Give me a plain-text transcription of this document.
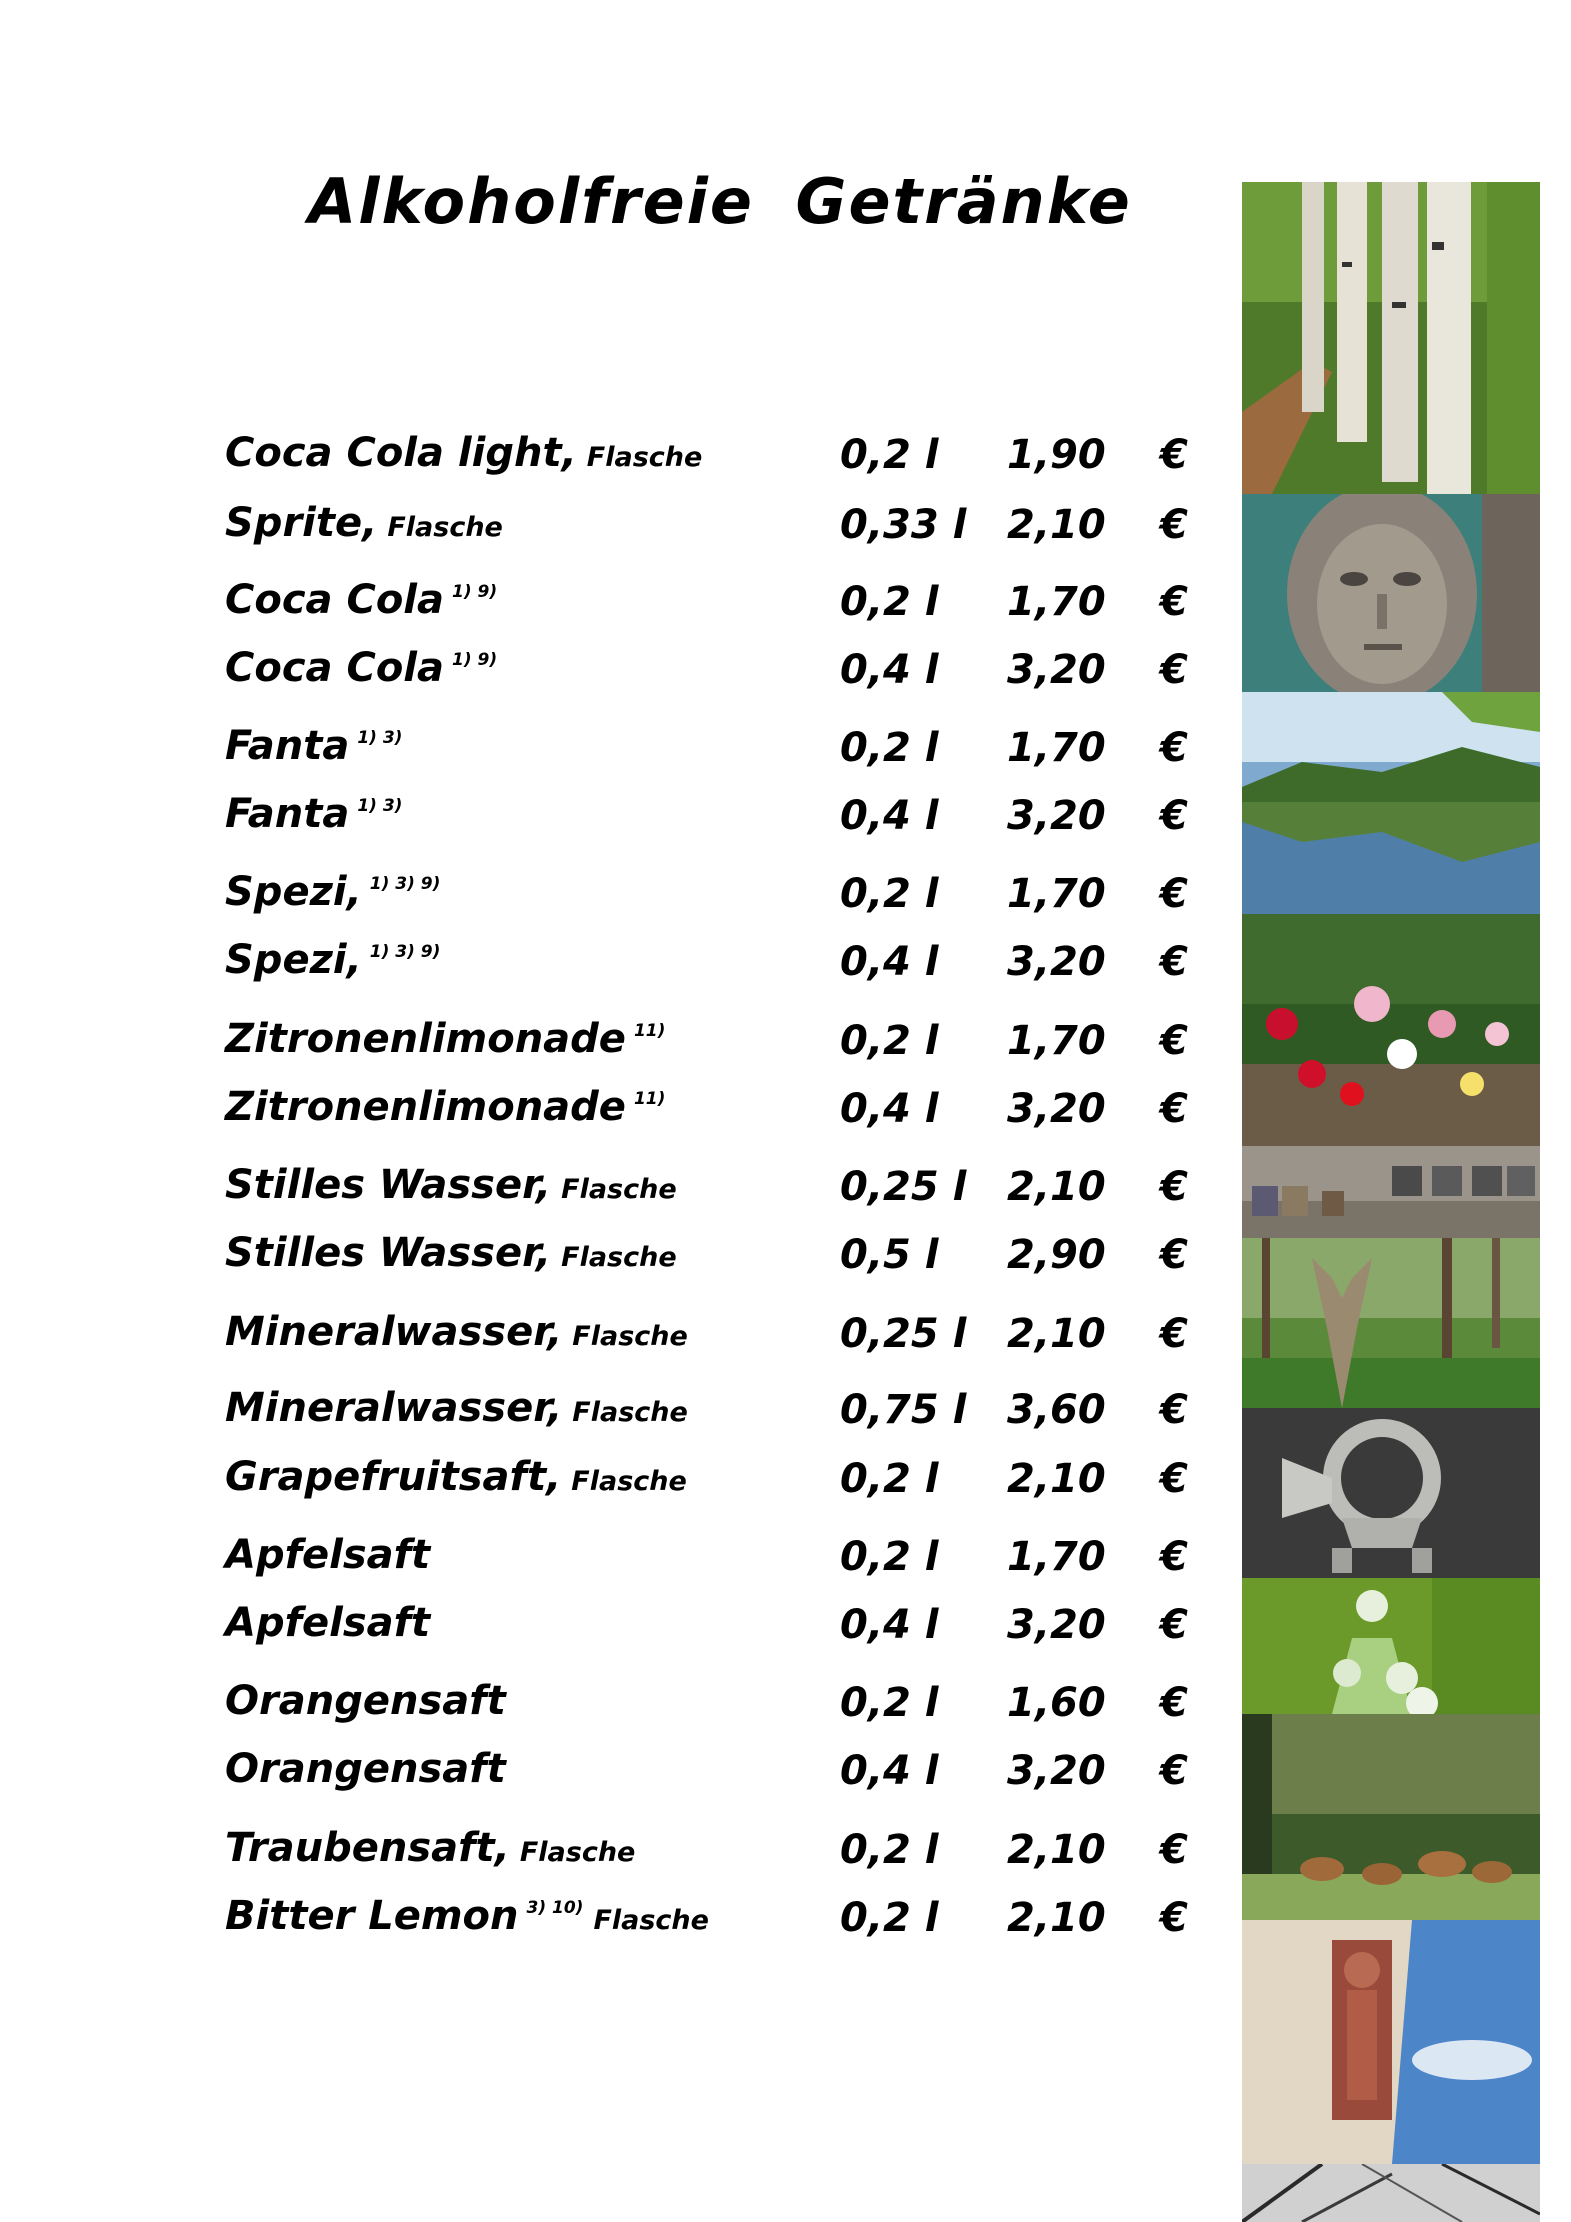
Alkoholfreie Getränke
Coca Cola light, Flasche	0,2 l 1,90 €
Sprite, Flasche	0,33 l 2,10 €
Coca Cola $^{1) 9)}$	0,2 l 1,70 €
Coca Cola $^{1) 9)}$	0,4 l 3,20 €
Fanta $^{1) 3)}$	0,2 l 1,70 €
Fanta $^{1) 3)}$	0,4 l 3,20 €
Spezi, $^{1) 3) 9)}$	0,2 l 1,70 €
Spezi, $^{1) 3) 9)}$	0,4 l 3,20 €
Zitronenlimonade $^{11)}$	0,2 l 1,70 €
Zitronenlimonade $^{11)}$	0,4 l 3,20 €
Stilles Wasser, Flasche	0,25 l 2,10 €
Stilles Wasser, Flasche	0,5 l 2,90 €
Mineralwasser, Flasche	0,25 l 2,10 €
Mineralwasser, Flasche	0,75 l 3,60 €
Grapefruitsaft, Flasche	0,2 l 2,10 €
Apfelsaft	0,2 l 1,70 €
Apfelsaft	0,4 l 3,20 €
Orangensaft	0,2 l 1,60 €
Orangensaft	0,4 l 3,20 €
Traubensaft, Flasche	0,2 l 2,10 €
Bitter Lemon $^{3) 10)}$ Flasche	0,2 l 2,10 €
